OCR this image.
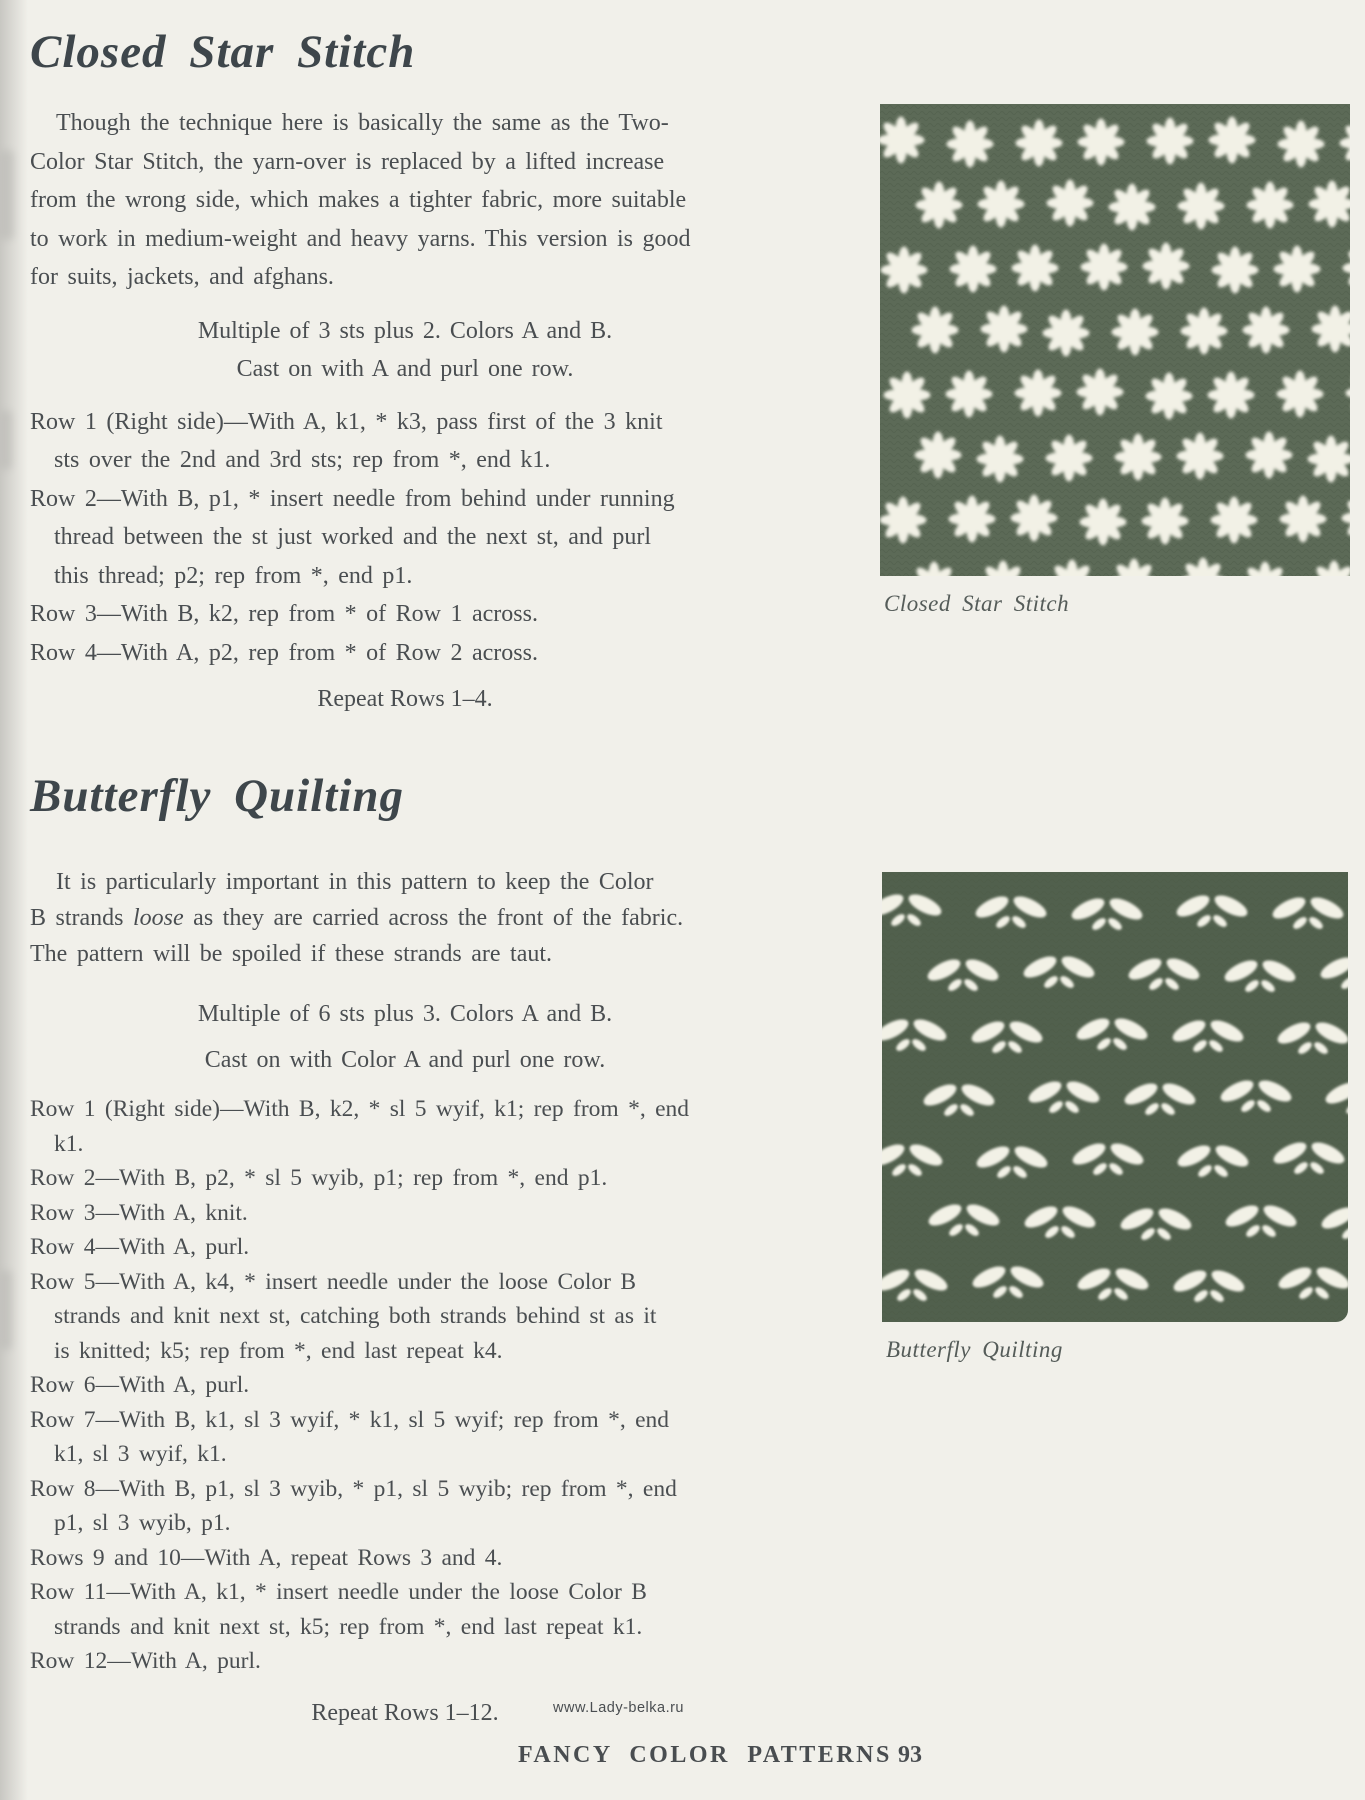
Closed Star Stitch
Though the technique here is basically the same as the Two-
Color Star Stitch, the yarn-over is replaced by a lifted increase
from the wrong side, which makes a tighter fabric, more suitable
to work in medium-weight and heavy yarns. This version is good
for suits, jackets, and afghans.
Multiple of 3 sts plus 2. Colors A and B.
Cast on with A and purl one row.
Row 1 (Right side)—With A, k1, * k3, pass first of the 3 knit
sts over the 2nd and 3rd sts; rep from *, end k1.
Row 2—With B, p1, * insert needle from behind under running
thread between the st just worked and the next st, and purl
this thread; p2; rep from *, end p1.
Row 3—With B, k2, rep from * of Row 1 across.
Row 4—With A, p2, rep from * of Row 2 across.
Repeat Rows 1–4.
Butterfly Quilting
It is particularly important in this pattern to keep the Color
B strands loose as they are carried across the front of the fabric.
The pattern will be spoiled if these strands are taut.
Multiple of 6 sts plus 3. Colors A and B.
Cast on with Color A and purl one row.
Row 1 (Right side)—With B, k2, * sl 5 wyif, k1; rep from *, end
k1.
Row 2—With B, p2, * sl 5 wyib, p1; rep from *, end p1.
Row 3—With A, knit.
Row 4—With A, purl.
Row 5—With A, k4, * insert needle under the loose Color B
strands and knit next st, catching both strands behind st as it
is knitted; k5; rep from *, end last repeat k4.
Row 6—With A, purl.
Row 7—With B, k1, sl 3 wyif, * k1, sl 5 wyif; rep from *, end
k1, sl 3 wyif, k1.
Row 8—With B, p1, sl 3 wyib, * p1, sl 5 wyib; rep from *, end
p1, sl 3 wyib, p1.
Rows 9 and 10—With A, repeat Rows 3 and 4.
Row 11—With A, k1, * insert needle under the loose Color B
strands and knit next st, k5; rep from *, end last repeat k1.
Row 12—With A, purl.
Repeat Rows 1–12.
Closed Star Stitch
Butterfly Quilting
www.Lady-belka.ru
FANCY COLOR PATTERNS 93
